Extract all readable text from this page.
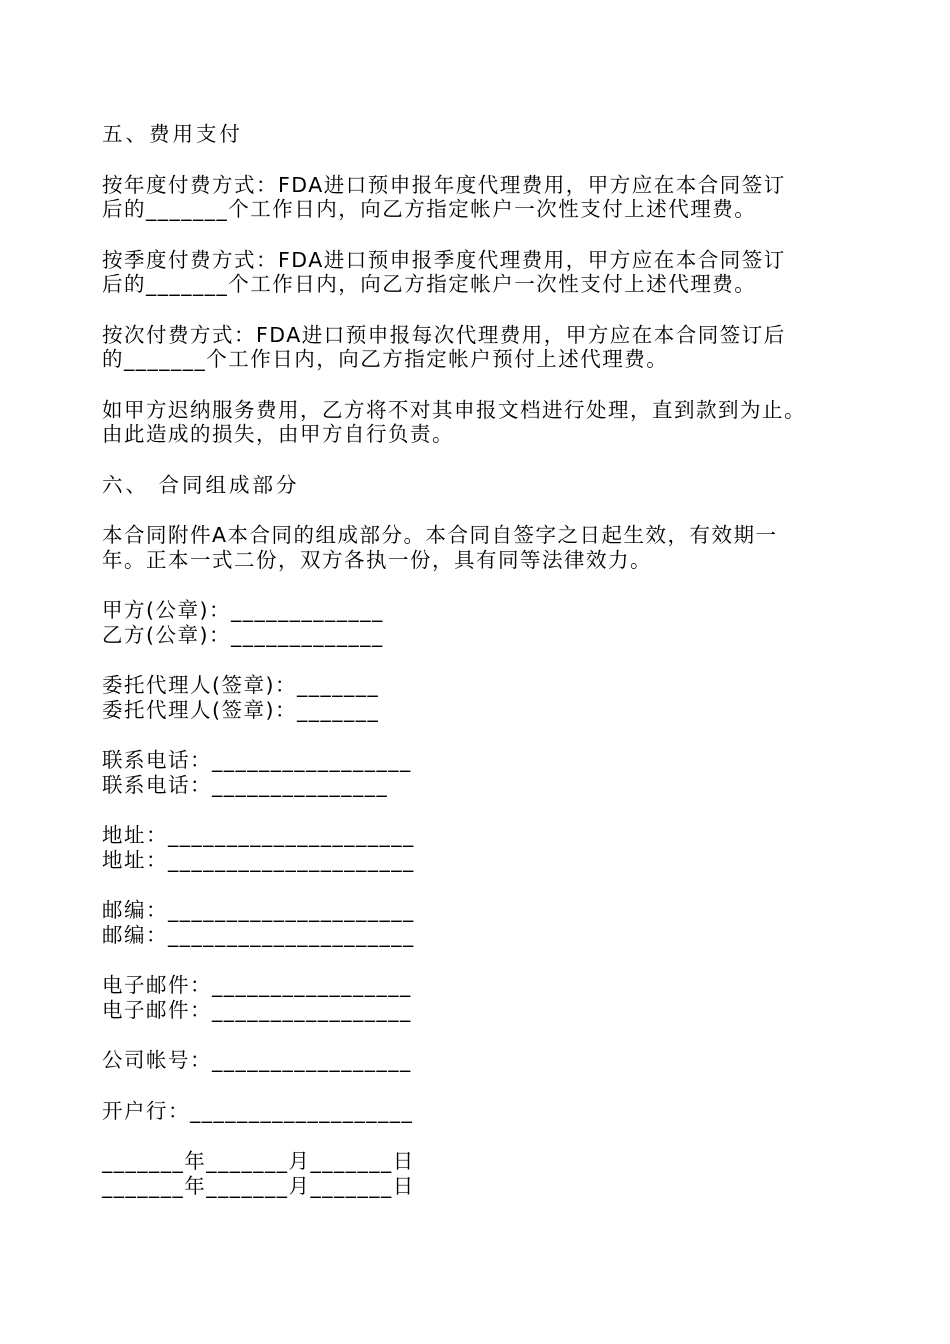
五、费用支付
按年度付费方式：FDA进口预申报年度代理费用，甲方应在本合同签订
后的_______个工作日内，向乙方指定帐户一次性支付上述代理费。
按季度付费方式：FDA进口预申报季度代理费用，甲方应在本合同签订
后的_______个工作日内，向乙方指定帐户一次性支付上述代理费。
按次付费方式：FDA进口预申报每次代理费用，甲方应在本合同签订后
的_______个工作日内，向乙方指定帐户预付上述代理费。
如甲方迟纳服务费用，乙方将不对其申报文档进行处理，直到款到为止。
由此造成的损失，由甲方自行负责。
六、 合同组成部分
本合同附件A本合同的组成部分。本合同自签字之日起生效，有效期一
年。正本一式二份，双方各执一份，具有同等法律效力。
甲方(公章)：_____________
乙方(公章)：_____________
委托代理人(签章)：_______
委托代理人(签章)：_______
联系电话：_________________
联系电话：_______________
地址：_____________________
地址：_____________________
邮编：_____________________
邮编：_____________________
电子邮件：_________________
电子邮件：_________________
公司帐号：_________________
开户行：___________________
_______年_______月_______日
_______年_______月_______日
